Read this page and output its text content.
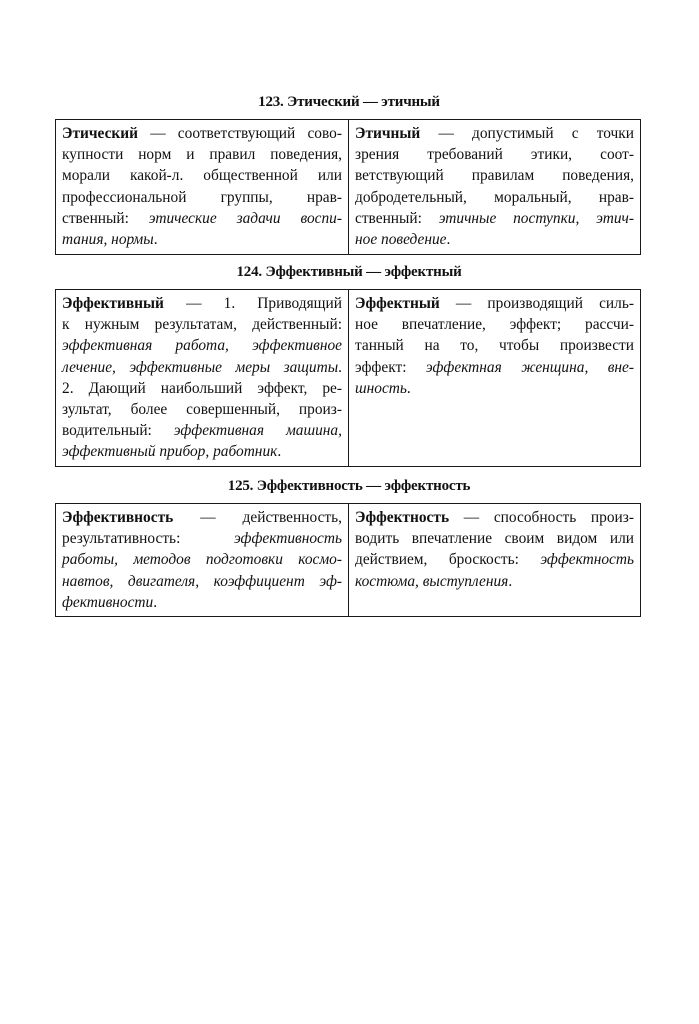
123. Этический — этичный
Этический — соответствующий сово-
купности норм и правил поведения,
морали какой-л. общественной или
профессиональной группы, нрав-
ственный: этические задачи воспи-
тания, нормы.
Этичный — допустимый с точки
зрения требований этики, соот-
ветствующий правилам поведения,
добродетельный, моральный, нрав-
ственный: этичные поступки, этич-
ное поведение.
124. Эффективный — эффектный
Эффективный — 1. Приводящий
к нужным результатам, действенный:
эффективная работа, эффективное
лечение, эффективные меры защиты.
2. Дающий наибольший эффект, ре-
зультат, более совершенный, произ-
водительный: эффективная машина,
эффективный прибор, работник.
Эффектный — производящий силь-
ное впечатление, эффект; рассчи-
танный на то, чтобы произвести
эффект: эффектная женщина, вне-
шность.
125. Эффективность — эффектность
Эффективность — действенность,
результативность: эффективность
работы, методов подготовки космо-
навтов, двигателя, коэффициент эф-
фективности.
Эффектность — способность произ-
водить впечатление своим видом или
действием, броскость: эффектность
костюма, выступления.
